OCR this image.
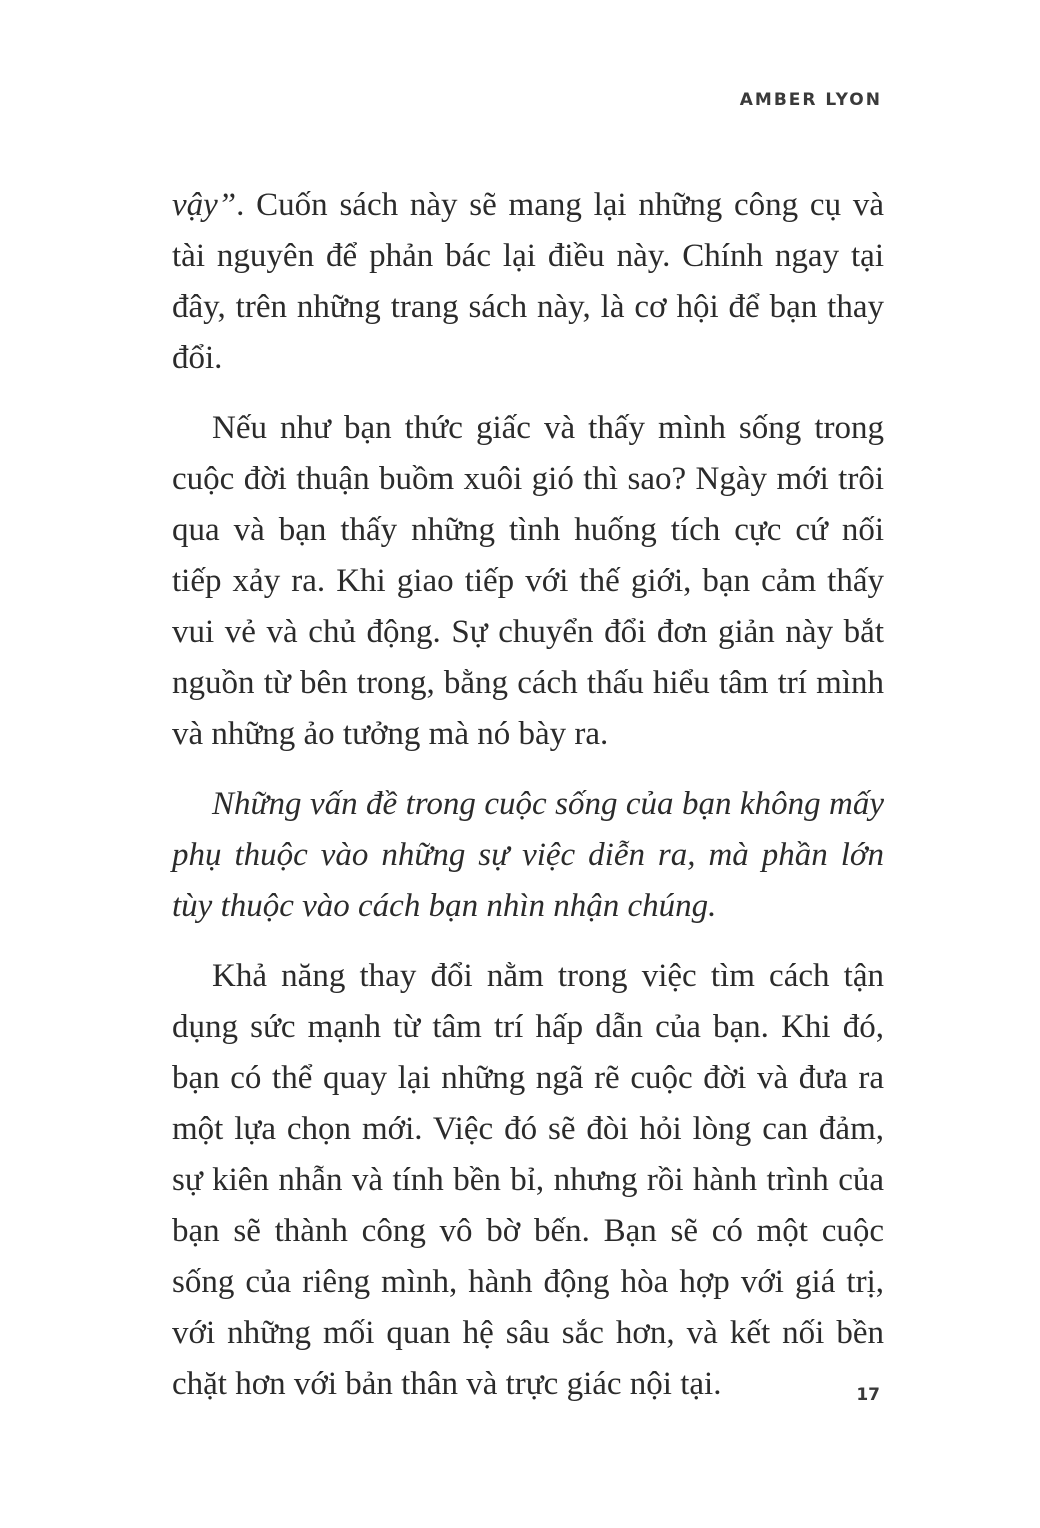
AMBER LYON

vậy”. Cuốn sách này sẽ mang lại những công cụ và tài nguyên để phản bác lại điều này. Chính ngay tại đây, trên những trang sách này, là cơ hội để bạn thay đổi.

Nếu như bạn thức giấc và thấy mình sống trong cuộc đời thuận buồm xuôi gió thì sao? Ngày mới trôi qua và bạn thấy những tình huống tích cực cứ nối tiếp xảy ra. Khi giao tiếp với thế giới, bạn cảm thấy vui vẻ và chủ động. Sự chuyển đổi đơn giản này bắt nguồn từ bên trong, bằng cách thấu hiểu tâm trí mình và những ảo tưởng mà nó bày ra.

Những vấn đề trong cuộc sống của bạn không mấy phụ thuộc vào những sự việc diễn ra, mà phần lớn tùy thuộc vào cách bạn nhìn nhận chúng.

Khả năng thay đổi nằm trong việc tìm cách tận dụng sức mạnh từ tâm trí hấp dẫn của bạn. Khi đó, bạn có thể quay lại những ngã rẽ cuộc đời và đưa ra một lựa chọn mới. Việc đó sẽ đòi hỏi lòng can đảm, sự kiên nhẫn và tính bền bỉ, nhưng rồi hành trình của bạn sẽ thành công vô bờ bến. Bạn sẽ có một cuộc sống của riêng mình, hành động hòa hợp với giá trị, với những mối quan hệ sâu sắc hơn, và kết nối bền chặt hơn với bản thân và trực giác nội tại.	17
